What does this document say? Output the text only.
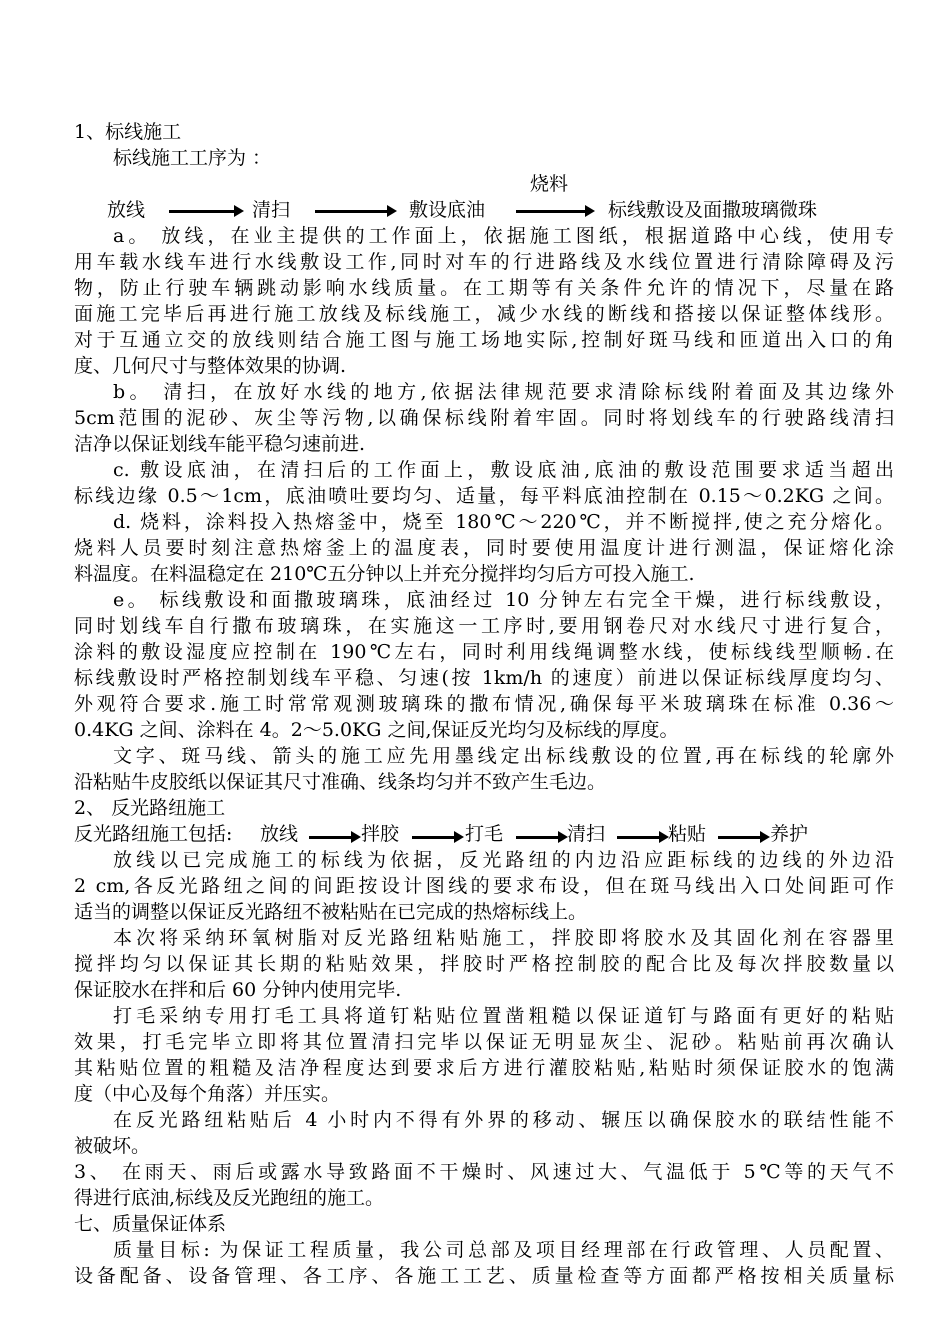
1、标线施工
标线施工工序为 ：
烧料
放线	清扫	敷设底油	标线敷设及面撒玻璃微珠
a。 放线，在业主提供的工作面上，依据施工图纸，根据道路中心线，使用专
用车载水线车进行水线敷设工作,同时对车的行进路线及水线位置进行清除障碍及污
物，防止行驶车辆跳动影响水线质量。在工期等有关条件允许的情况下，尽量在路
面施工完毕后再进行施工放线及标线施工，减少水线的断线和搭接以保证整体线形。
对于互通立交的放线则结合施工图与施工场地实际,控制好斑马线和匝道出入口的角
度、几何尺寸与整体效果的协调.
b。 清扫，在放好水线的地方,依据法律规范要求清除标线附着面及其边缘外
5cm范围的泥砂、灰尘等污物,以确保标线附着牢固。同时将划线车的行驶路线清扫
洁净以保证划线车能平稳匀速前进.
c. 敷设底油，在清扫后的工作面上，敷设底油,底油的敷设范围要求适当超出
标线边缘 0.5～1cm，底油喷吐要均匀、适量，每平料底油控制在 0.15～0.2KG 之间。
d. 烧料，涂料投入热熔釜中，烧至 180℃～220℃，并不断搅拌,使之充分熔化。
烧料人员要时刻注意热熔釜上的温度表，同时要使用温度计进行测温，保证熔化涂
料温度。在料温稳定在 210℃五分钟以上并充分搅拌均匀后方可投入施工.
e。 标线敷设和面撒玻璃珠，底油经过 10 分钟左右完全干燥，进行标线敷设，
同时划线车自行撒布玻璃珠，在实施这一工序时,要用钢卷尺对水线尺寸进行复合，
涂料的敷设湿度应控制在 190℃左右，同时利用线绳调整水线，使标线线型顺畅.在
标线敷设时严格控制划线车平稳、匀速(按 1km/h 的速度）前进以保证标线厚度均匀、
外观符合要求.施工时常常观测玻璃珠的撒布情况,确保每平米玻璃珠在标准 0.36～
0.4KG 之间、涂料在 4。2～5.0KG 之间,保证反光均匀及标线的厚度。
文字、斑马线、箭头的施工应先用墨线定出标线敷设的位置,再在标线的轮廓外
沿粘贴牛皮胶纸以保证其尺寸准确、线条均匀并不致产生毛边。
2、 反光路纽施工
反光路纽施工包括: 放线	拌胶	打毛	清扫	粘贴	养护
放线以已完成施工的标线为依据，反光路纽的内边沿应距标线的边线的外边沿
2 cm,各反光路纽之间的间距按设计图线的要求布设，但在斑马线出入口处间距可作
适当的调整以保证反光路纽不被粘贴在已完成的热熔标线上。
本次将采纳环氧树脂对反光路纽粘贴施工，拌胶即将胶水及其固化剂在容器里
搅拌均匀以保证其长期的粘贴效果，拌胶时严格控制胶的配合比及每次拌胶数量以
保证胶水在拌和后 60 分钟内使用完毕.
打毛采纳专用打毛工具将道钉粘贴位置凿粗糙以保证道钉与路面有更好的粘贴
效果，打毛完毕立即将其位置清扫完毕以保证无明显灰尘、泥砂。粘贴前再次确认
其粘贴位置的粗糙及洁净程度达到要求后方进行灌胶粘贴,粘贴时须保证胶水的饱满
度（中心及每个角落）并压实。
在反光路纽粘贴后 4 小时内不得有外界的移动、辗压以确保胶水的联结性能不
被破坏。
3、 在雨天、雨后或露水导致路面不干燥时、风速过大、气温低于 5℃等的天气不
得进行底油,标线及反光跑纽的施工。
七、质量保证体系
质量目标: 为保证工程质量，我公司总部及项目经理部在行政管理、人员配置、
设备配备、设备管理、各工序、各施工工艺、质量检查等方面都严格按相关质量标
